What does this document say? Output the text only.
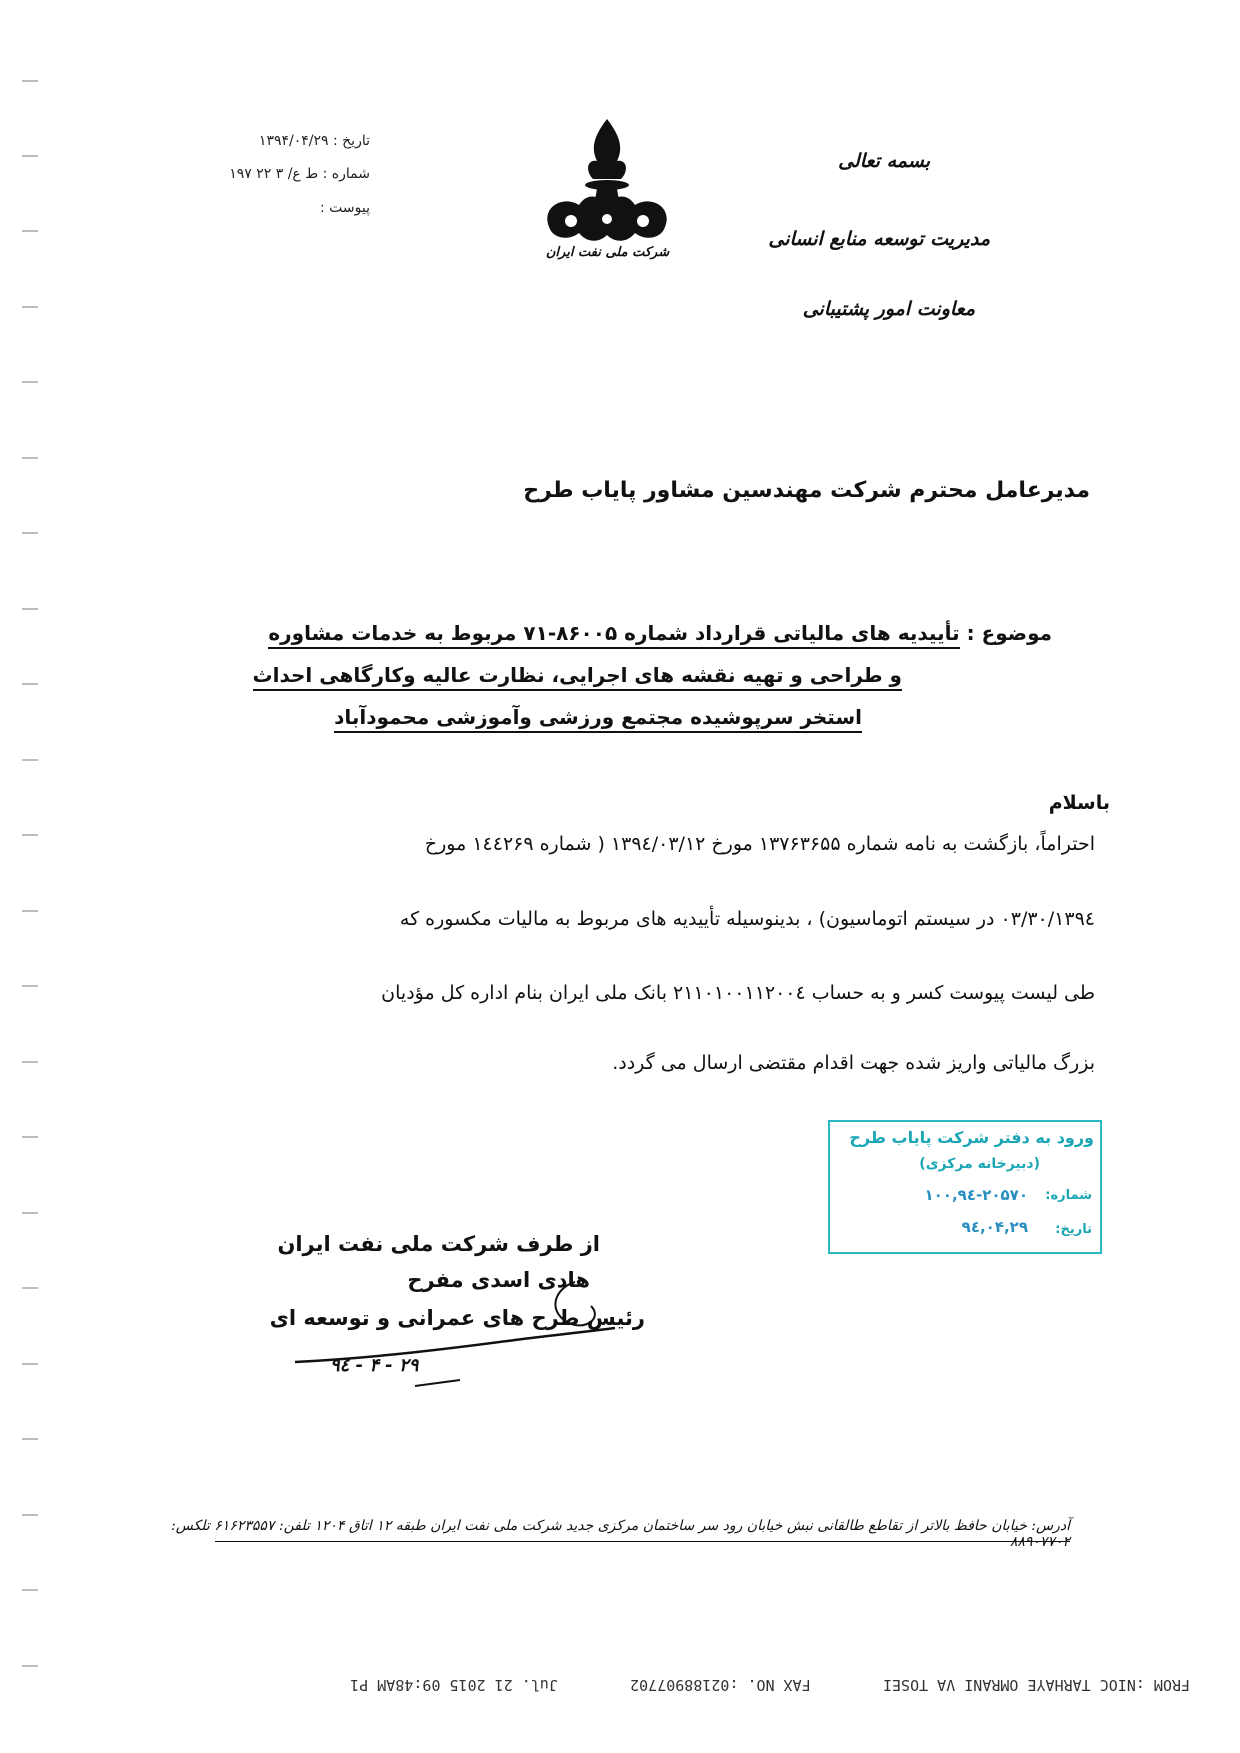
تاریخ : ۱۳۹۴/۰۴/۲۹
شماره : ط ع/ ۳ ۲۲ ۱۹۷
پیوست :
شرکت ملی نفت ایران
بسمه تعالی
مدیریت توسعه منابع انسانی
معاونت امور پشتیبانی
مدیرعامل محترم شرکت مهندسین مشاور پایاب طرح
موضوع : تأییدیه های مالیاتی قرارداد شماره ۸۶۰۰۵-۷۱ مربوط به خدمات مشاوره
و طراحی و تهیه نقشه های اجرایی، نظارت عالیه وکارگاهی احداث
استخر سرپوشیده مجتمع ورزشی وآموزشی محمودآباد
باسلام
احتراماً، بازگشت به نامه شماره ۱۳۷۶۳۶۵۵ مورخ ۱۳۹٤/۰۳/۱۲ ( شماره ۱٤٤۲۶۹ مورخ
۱۳۹٤/۰۳/۳۰ در سیستم اتوماسیون) ، بدینوسیله تأییدیه های مربوط به مالیات مکسوره که
طی لیست پیوست کسر و به حساب ۲۱۱۰۱۰۰۱۱۲۰۰٤ بانک ملی ایران بنام اداره کل مؤدیان
بزرگ مالیاتی واریز شده جهت اقدام مقتضی ارسال می گردد.
ورود به دفتر شرکت پایاب طرح
(دبیرخانه مرکزی)
شماره:
۱۰۰,۹٤-۲۰۵۷۰
تاریخ:
۹٤,۰۴,۲۹
از طرف شرکت ملی نفت ایران
هادی اسدی مفرح
رئیس طرح های عمرانی و توسعه ای
۹٤ - ۴ - ۲۹
آدرس: خیابان حافظ بالاتر از تقاطع طالقانی نبش خیابان رود سر ساختمان مرکزی جدید شرکت ملی نفت ایران طبقه ۱۲ اتاق ۱۲۰۴ تلفن: ۶۱۶۲۳۵۵۷ تلکس: ۸۸۹۰۷۷۰۲
FROM :NIOC TARHAYE OMRANI VA TOSEI        FAX NO. :02188907702        Jul. 21 2015 09:48AM P1
